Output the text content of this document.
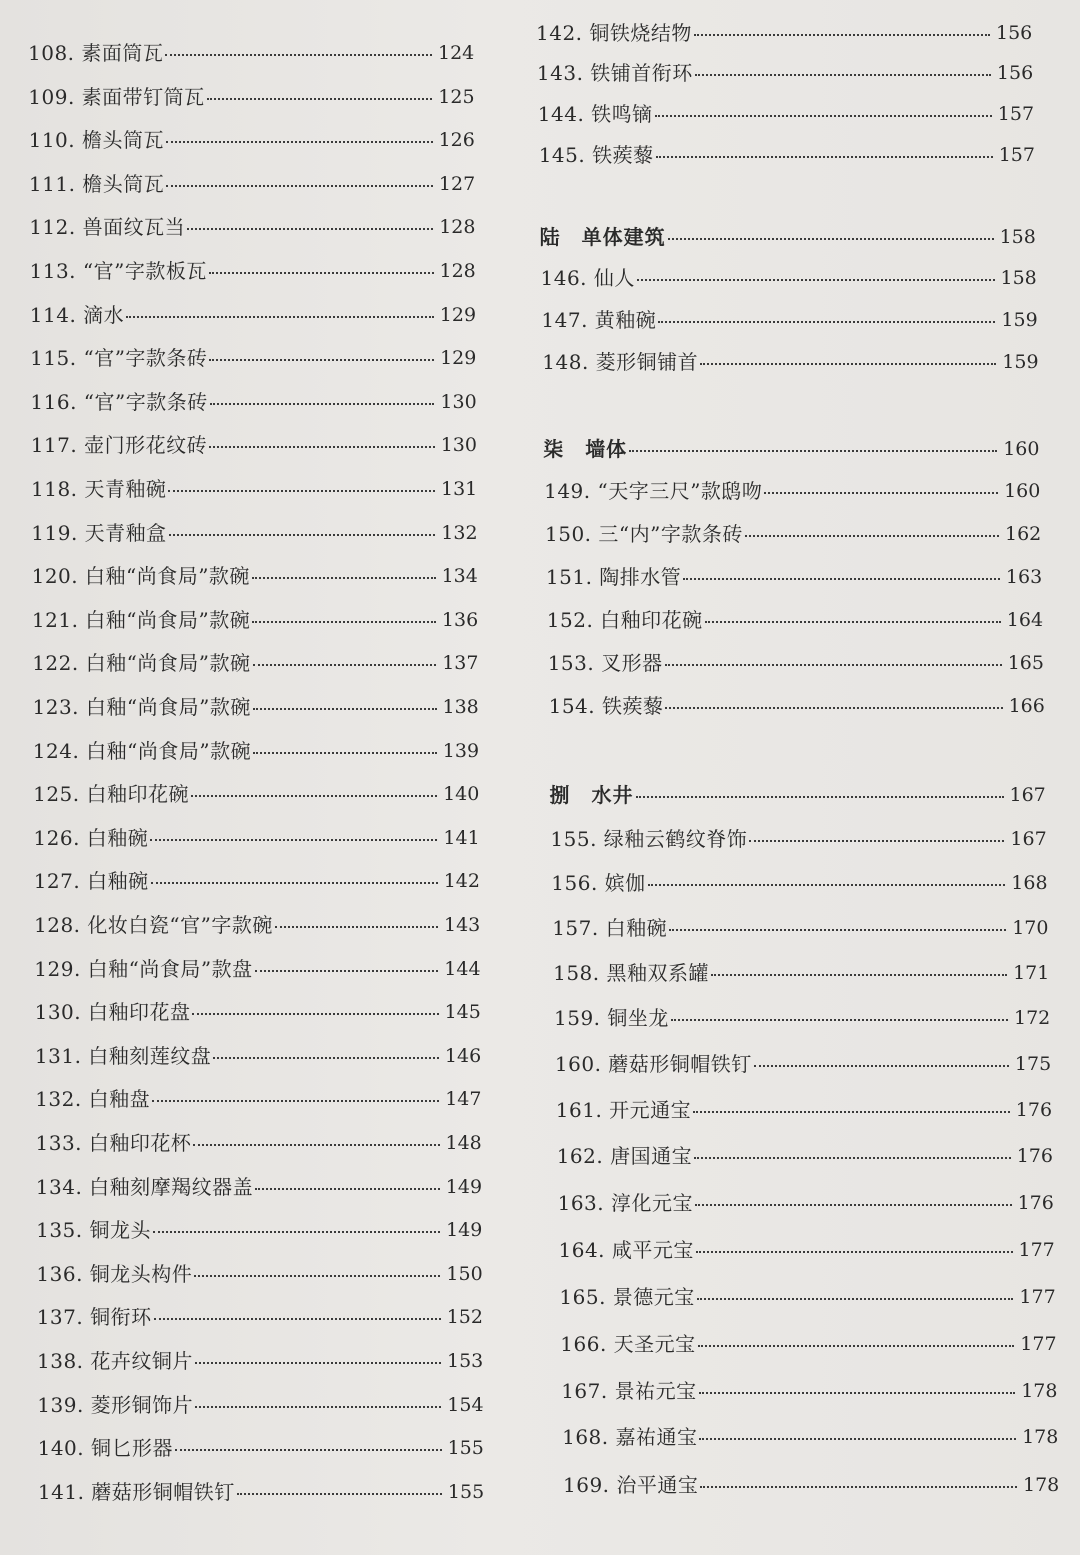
108. 素面筒瓦	124
109. 素面带钉筒瓦	125
110. 檐头筒瓦	126
111. 檐头筒瓦	127
112. 兽面纹瓦当	128
113. “官”字款板瓦	128
114. 滴水	129
115. “官”字款条砖	129
116. “官”字款条砖	130
117. 壶门形花纹砖	130
118. 天青釉碗	131
119. 天青釉盒	132
120. 白釉“尚食局”款碗	134
121. 白釉“尚食局”款碗	136
122. 白釉“尚食局”款碗	137
123. 白釉“尚食局”款碗	138
124. 白釉“尚食局”款碗	139
125. 白釉印花碗	140
126. 白釉碗	141
127. 白釉碗	142
128. 化妆白瓷“官”字款碗	143
129. 白釉“尚食局”款盘	144
130. 白釉印花盘	145
131. 白釉刻莲纹盘	146
132. 白釉盘	147
133. 白釉印花杯	148
134. 白釉刻摩羯纹器盖	149
135. 铜龙头	149
136. 铜龙头构件	150
137. 铜衔环	152
138. 花卉纹铜片	153
139. 菱形铜饰片	154
140. 铜匕形器	155
141. 蘑菇形铜帽铁钉	155
142. 铜铁烧结物	156
143. 铁铺首衔环	156
144. 铁鸣镝	157
145. 铁蒺藜	157
陆 单体建筑	158
146. 仙人	158
147. 黄釉碗	159
148. 菱形铜铺首	159
柒 墙体	160
149. “天字三尺”款鸱吻	160
150. 三“内”字款条砖	162
151. 陶排水管	163
152. 白釉印花碗	164
153. 叉形器	165
154. 铁蒺藜	166
捌 水井	167
155. 绿釉云鹤纹脊饰	167
156. 嫔伽	168
157. 白釉碗	170
158. 黑釉双系罐	171
159. 铜坐龙	172
160. 蘑菇形铜帽铁钉	175
161. 开元通宝	176
162. 唐国通宝	176
163. 淳化元宝	176
164. 咸平元宝	177
165. 景德元宝	177
166. 天圣元宝	177
167. 景祐元宝	178
168. 嘉祐通宝	178
169. 治平通宝	178
